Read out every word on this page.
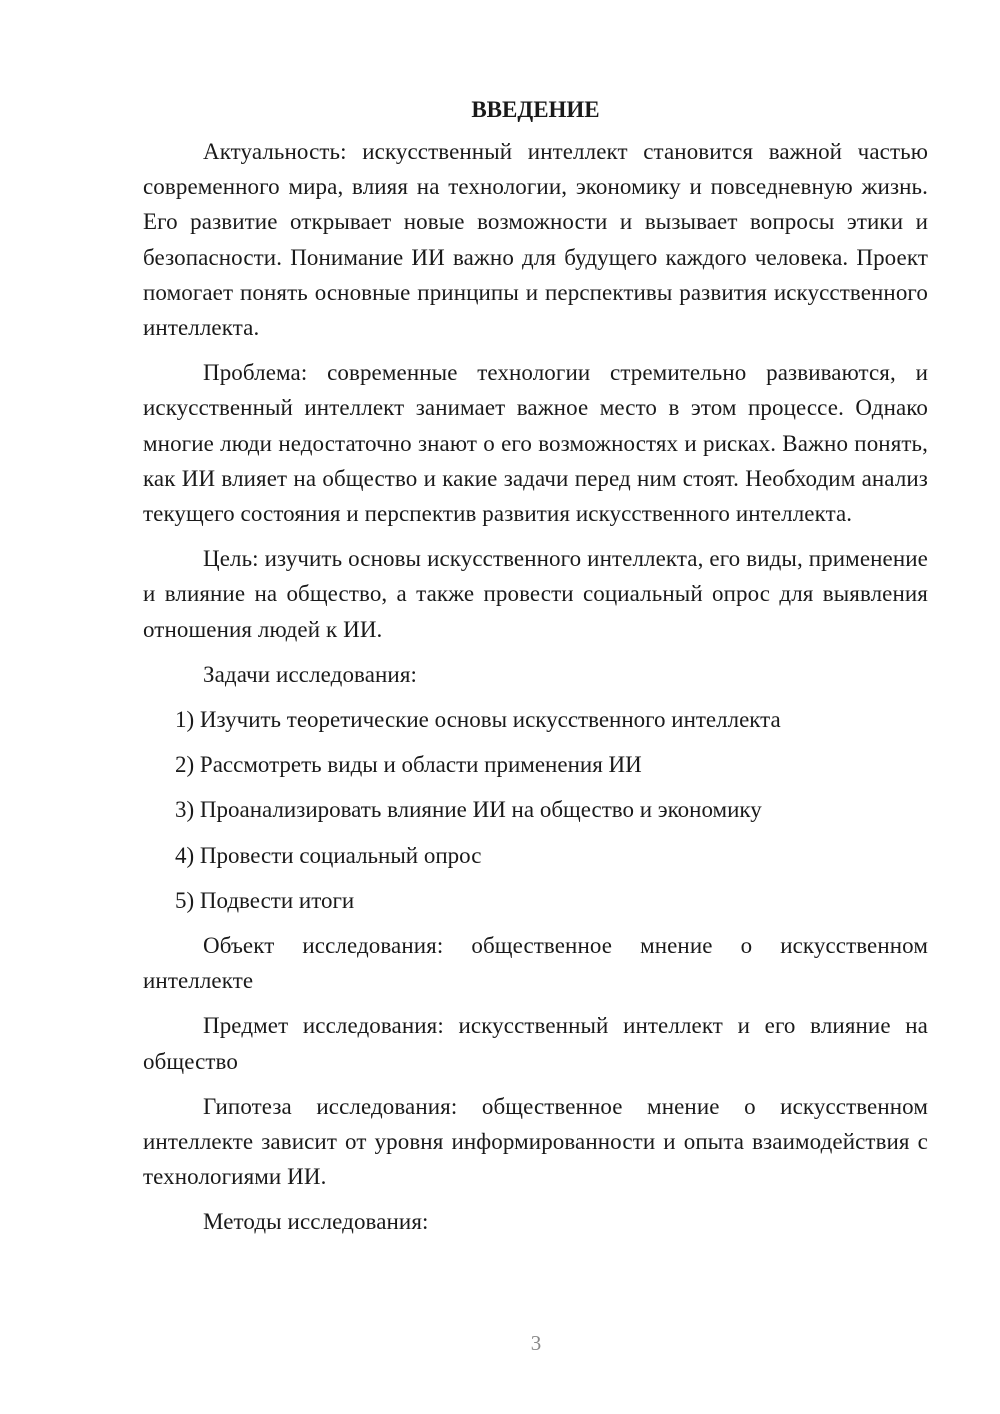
ВВЕДЕНИЕ

Актуальность: искусственный интеллект становится важной частью современного мира, влияя на технологии, экономику и повседневную жизнь. Его развитие открывает новые возможности и вызывает вопросы этики и безопасности. Понимание ИИ важно для будущего каждого человека. Проект помогает понять основные принципы и перспективы развития искусственного интеллекта.

Проблема: современные технологии стремительно развиваются, и искусственный интеллект занимает важное место в этом процессе. Однако многие люди недостаточно знают о его возможностях и рисках. Важно понять, как ИИ влияет на общество и какие задачи перед ним стоят. Необходим анализ текущего состояния и перспектив развития искусственного интеллекта.

Цель: изучить основы искусственного интеллекта, его виды, применение и влияние на общество, а также провести социальный опрос для выявления отношения людей к ИИ.

Задачи исследования:

1) Изучить теоретические основы искусственного интеллекта
2) Рассмотреть виды и области применения ИИ
3) Проанализировать влияние ИИ на общество и экономику
4) Провести социальный опрос
5) Подвести итоги

Объект исследования: общественное мнение о искусственном интеллекте

Предмет исследования: искусственный интеллект и его влияние на общество

Гипотеза исследования: общественное мнение о искусственном интеллекте зависит от уровня информированности и опыта взаимодействия с технологиями ИИ.

Методы исследования:

3
